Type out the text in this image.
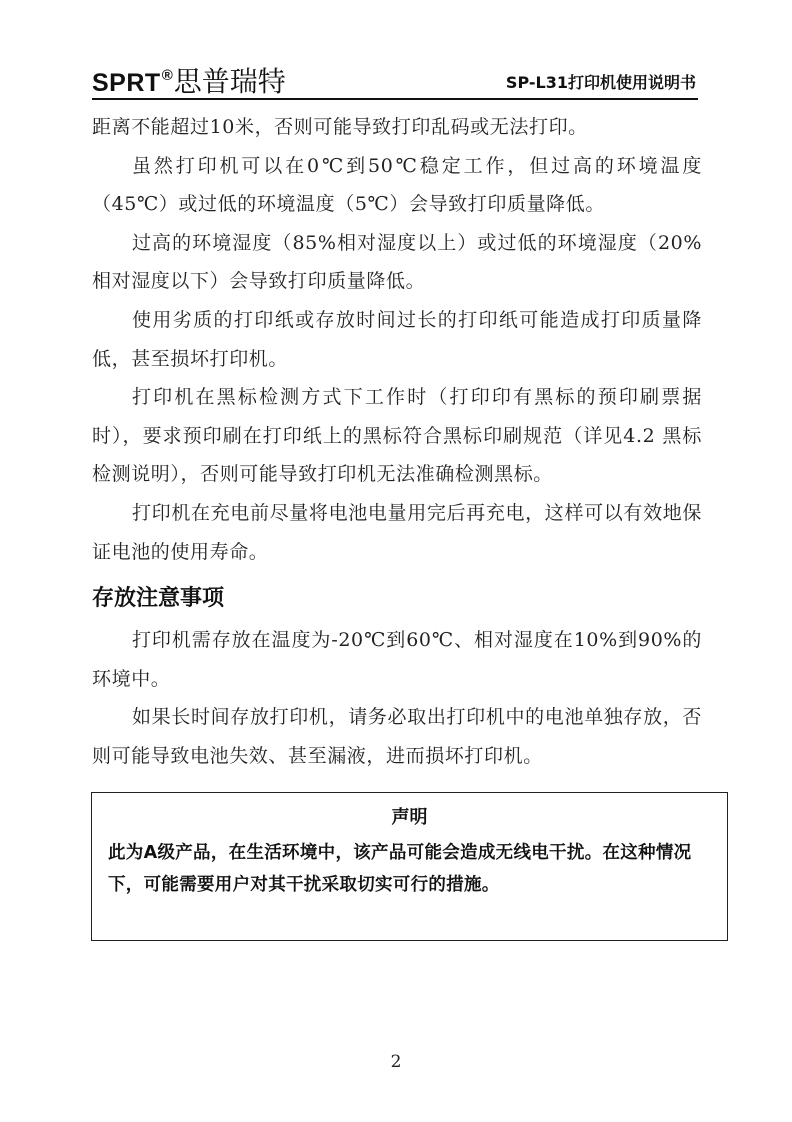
SPRT®思普瑞特	SP-L31打印机使用说明书

距离不能超过10米，否则可能导致打印乱码或无法打印。

虽然打印机可以在0℃到50℃稳定工作，但过高的环境温度（45℃）或过低的环境温度（5℃）会导致打印质量降低。

过高的环境湿度（85%相对湿度以上）或过低的环境湿度（20%相对湿度以下）会导致打印质量降低。

使用劣质的打印纸或存放时间过长的打印纸可能造成打印质量降低，甚至损坏打印机。

打印机在黑标检测方式下工作时（打印印有黑标的预印刷票据时），要求预印刷在打印纸上的黑标符合黑标印刷规范（详见4.2 黑标检测说明），否则可能导致打印机无法准确检测黑标。

打印机在充电前尽量将电池电量用完后再充电，这样可以有效地保证电池的使用寿命。

存放注意事项

打印机需存放在温度为-20℃到60℃、相对湿度在10%到90%的环境中。

如果长时间存放打印机，请务必取出打印机中的电池单独存放，否则可能导致电池失效、甚至漏液，进而损坏打印机。

声明
此为A级产品，在生活环境中，该产品可能会造成无线电干扰。在这种情况下，可能需要用户对其干扰采取切实可行的措施。
2
